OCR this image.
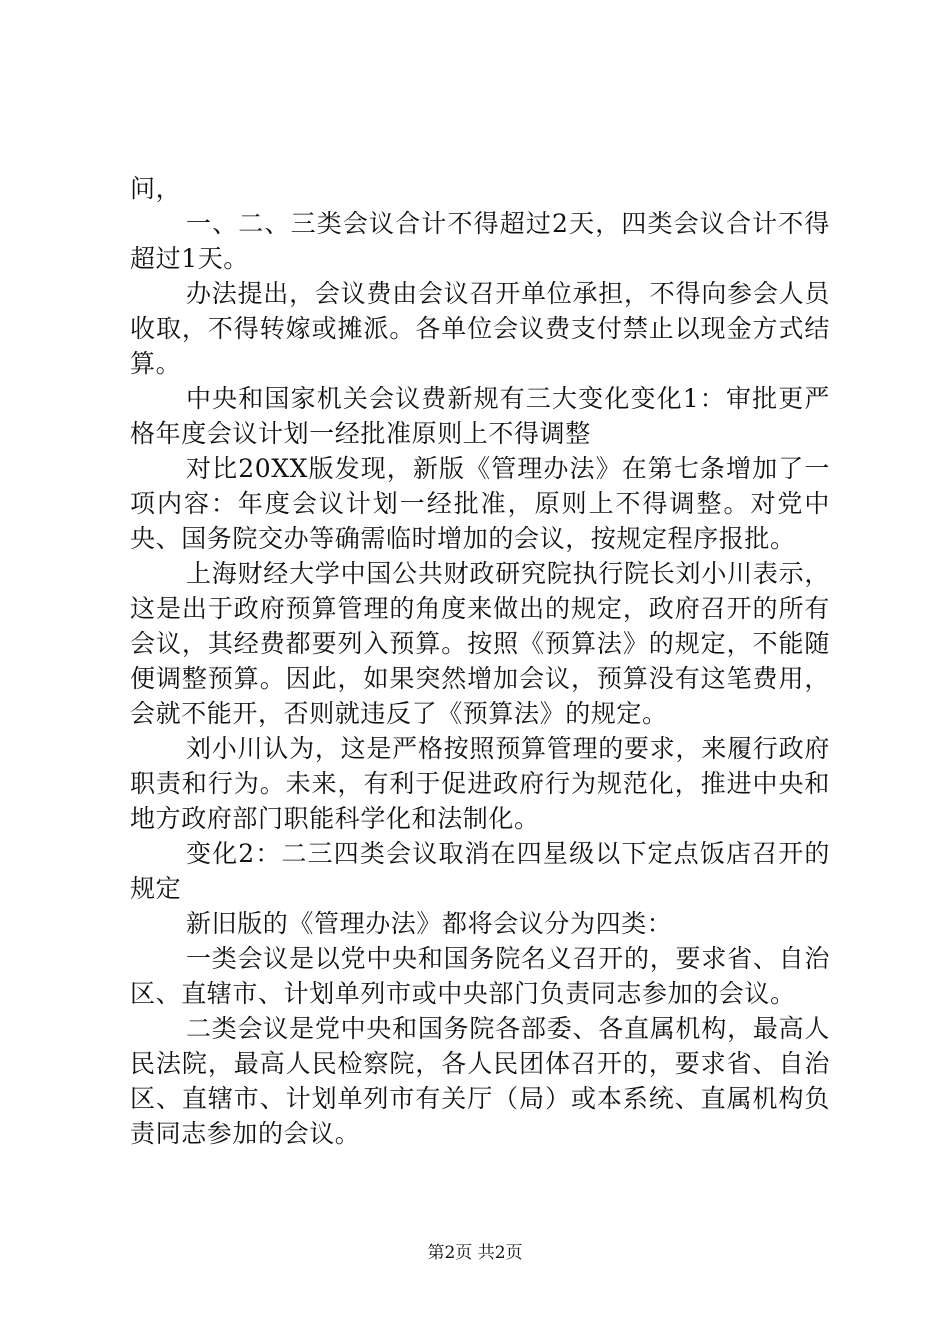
问，

一、二、三类会议合计不得超过2天，四类会议合计不得超过1天。

办法提出，会议费由会议召开单位承担，不得向参会人员收取，不得转嫁或摊派。各单位会议费支付禁止以现金方式结算。

中央和国家机关会议费新规有三大变化变化1：审批更严格年度会议计划一经批准原则上不得调整

对比20XX版发现，新版《管理办法》在第七条增加了一项内容：年度会议计划一经批准，原则上不得调整。对党中央、国务院交办等确需临时增加的会议，按规定程序报批。

上海财经大学中国公共财政研究院执行院长刘小川表示，这是出于政府预算管理的角度来做出的规定，政府召开的所有会议，其经费都要列入预算。按照《预算法》的规定，不能随便调整预算。因此，如果突然增加会议，预算没有这笔费用，会就不能开，否则就违反了《预算法》的规定。

刘小川认为，这是严格按照预算管理的要求，来履行政府职责和行为。未来，有利于促进政府行为规范化，推进中央和地方政府部门职能科学化和法制化。

变化2：二三四类会议取消在四星级以下定点饭店召开的规定

新旧版的《管理办法》都将会议分为四类：

一类会议是以党中央和国务院名义召开的，要求省、自治区、直辖市、计划单列市或中央部门负责同志参加的会议。

二类会议是党中央和国务院各部委、各直属机构，最高人民法院，最高人民检察院，各人民团体召开的，要求省、自治区、直辖市、计划单列市有关厅（局）或本系统、直属机构负责同志参加的会议。

第2页 共2页
